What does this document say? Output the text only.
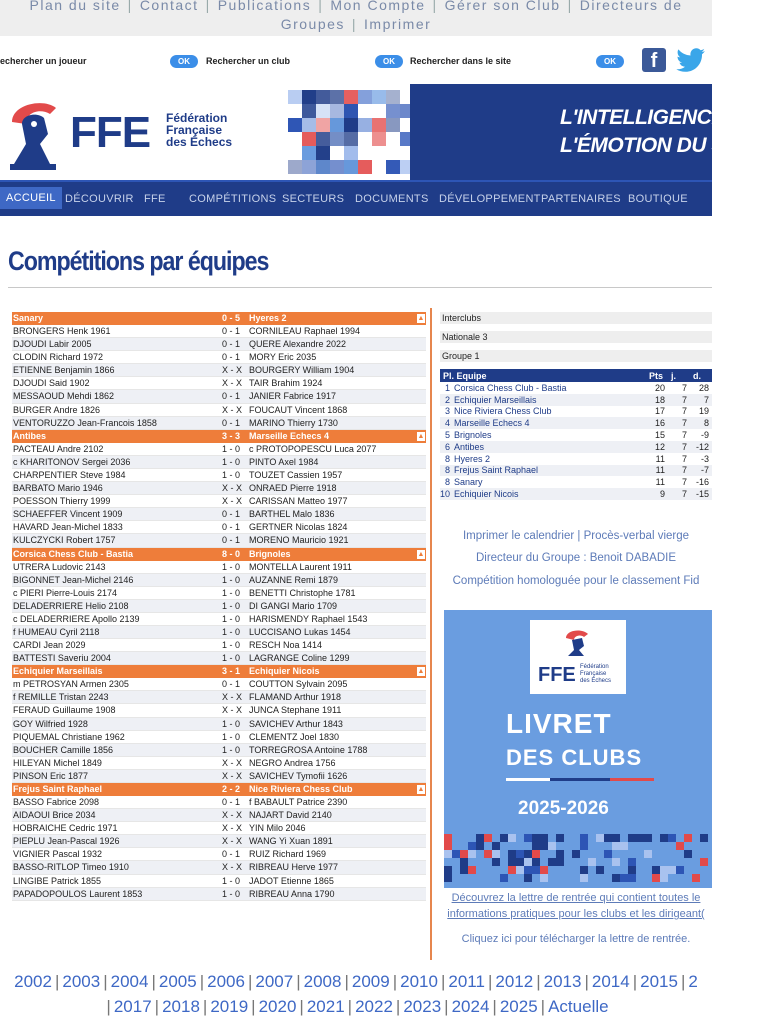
Plan du site | Contact | Publications | Mon Compte | Gérer son Club | Directeurs de
Groupes | Imprimer
echercher un joueur	OK	Rechercher un club	OK	Rechercher dans le site	OK	f
FFE Fédération
Française
des Échecs
L'INTELLIGENCE DU J
L'ÉMOTION DU SPO
ACCUEIL DÉCOUVRIR FFE COMPÉTITIONS SECTEURS DOCUMENTS DÉVELOPPEMENT PARTENAIRES BOUTIQUE
Compétitions par équipes
Sanary	0 - 5 Hyeres 2	▲
BRONGERS Henk 1961	0 - 1 CORNILEAU Raphael 1994
DJOUDI Labir 2005	0 - 1 QUERE Alexandre 2022
CLODIN Richard 1972	0 - 1 MORY Eric 2035
ETIENNE Benjamin 1866	X - X BOURGERY William 1904
DJOUDI Said 1902	X - X TAIR Brahim 1924
MESSAOUD Mehdi 1862	0 - 1 JANIER Fabrice 1917
BURGER Andre 1826	X - X FOUCAUT Vincent 1868
VENTORUZZO Jean-Francois 1858	0 - 1 MARINO Thierry 1730
Antibes	3 - 3 Marseille Echecs 4	▲
PACTEAU Andre 2102	1 - 0 c PROTOPOPESCU Luca 2077
c KHARITONOV Sergei 2036	1 - 0 PINTO Axel 1984
CHARPENTIER Steve 1984	1 - 0 TOUZET Cassien 1957
BARBATO Mario 1946	X - X ONRAED Pierre 1918
POESSON Thierry 1999	X - X CARISSAN Matteo 1977
SCHAEFFER Vincent 1909	0 - 1 BARTHEL Malo 1836
HAVARD Jean-Michel 1833	0 - 1 GERTNER Nicolas 1824
KULCZYCKI Robert 1757	0 - 1 MORENO Mauricio 1921
Corsica Chess Club - Bastia	8 - 0 Brignoles	▲
UTRERA Ludovic 2143	1 - 0 MONTELLA Laurent 1911
BIGONNET Jean-Michel 2146	1 - 0 AUZANNE Remi 1879
c PIERI Pierre-Louis 2174	1 - 0 BENETTI Christophe 1781
DELADERRIERE Helio 2108	1 - 0 DI GANGI Mario 1709
c DELADERRIERE Apollo 2139	1 - 0 HARISMENDY Raphael 1543
f HUMEAU Cyril 2118	1 - 0 LUCCISANO Lukas 1454
CARDI Jean 2029	1 - 0 RESCH Noa 1414
BATTESTI Saveriu 2004	1 - 0 LAGRANGE Coline 1299
Echiquier Marseillais	3 - 1 Echiquier Nicois	▲
m PETROSYAN Armen 2305	0 - 1 COUTTON Sylvain 2095
f REMILLE Tristan 2243	X - X FLAMAND Arthur 1918
FERAUD Guillaume 1908	X - X JUNCA Stephane 1911
GOY Wilfried 1928	1 - 0 SAVICHEV Arthur 1843
PIQUEMAL Christiane 1962	1 - 0 CLEMENTZ Joel 1830
BOUCHER Camille 1856	1 - 0 TORREGROSA Antoine 1788
HILEYAN Michel 1849	X - X NEGRO Andrea 1756
PINSON Eric 1877	X - X SAVICHEV Tymofii 1626
Frejus Saint Raphael	2 - 2 Nice Riviera Chess Club	▲
BASSO Fabrice 2098	0 - 1 f BABAULT Patrice 2390
AIDAOUI Brice 2034	X - X NAJART David 2140
HOBRAICHE Cedric 1971	X - X YIN Milo 2046
PIEPLU Jean-Pascal 1926	X - X WANG Yi Xuan 1891
VIGNIER Pascal 1932	0 - 1 RUIZ Richard 1969
BASSO-RITLOP Timeo 1910	X - X RIBREAU Herve 1977
LINGIBE Patrick 1855	1 - 0 JADOT Etienne 1865
PAPADOPOULOS Laurent 1853	1 - 0 RIBREAU Anna 1790
Interclubs
Nationale 3
Groupe 1
Pl. Equipe		Pts	j.	d.
1	Corsica Chess Club - Bastia	20	7	28
2	Echiquier Marseillais	18	7	7
3	Nice Riviera Chess Club	17	7	19
4	Marseille Echecs 4	16	7	8
5	Brignoles	15	7	-9
6	Antibes	12	7	-12
8	Hyeres 2	11	7	-3
8	Frejus Saint Raphael	11	7	-7
8	Sanary	11	7	-16
10	Echiquier Nicois	9	7	-15
Imprimer le calendrier | Procès-verbal vierge
Directeur du Groupe : Benoit DABADIE
Compétition homologuée pour le classement Fid
FFE Fédération
Française
des Échecs
LIVRET
DES CLUBS
2025-2026
Découvrez la lettre de rentrée qui contient toutes le
informations pratiques pour les clubs et les dirigeant(
Cliquez ici pour télécharger la lettre de rentrée.
2002 | 2003 | 2004 | 2005 | 2006 | 2007 | 2008 | 2009 | 2010 | 2011 | 2012 | 2013 | 2014 | 2015 | 2
| 2017 | 2018 | 2019 | 2020 | 2021 | 2022 | 2023 | 2024 | 2025 | Actuelle
